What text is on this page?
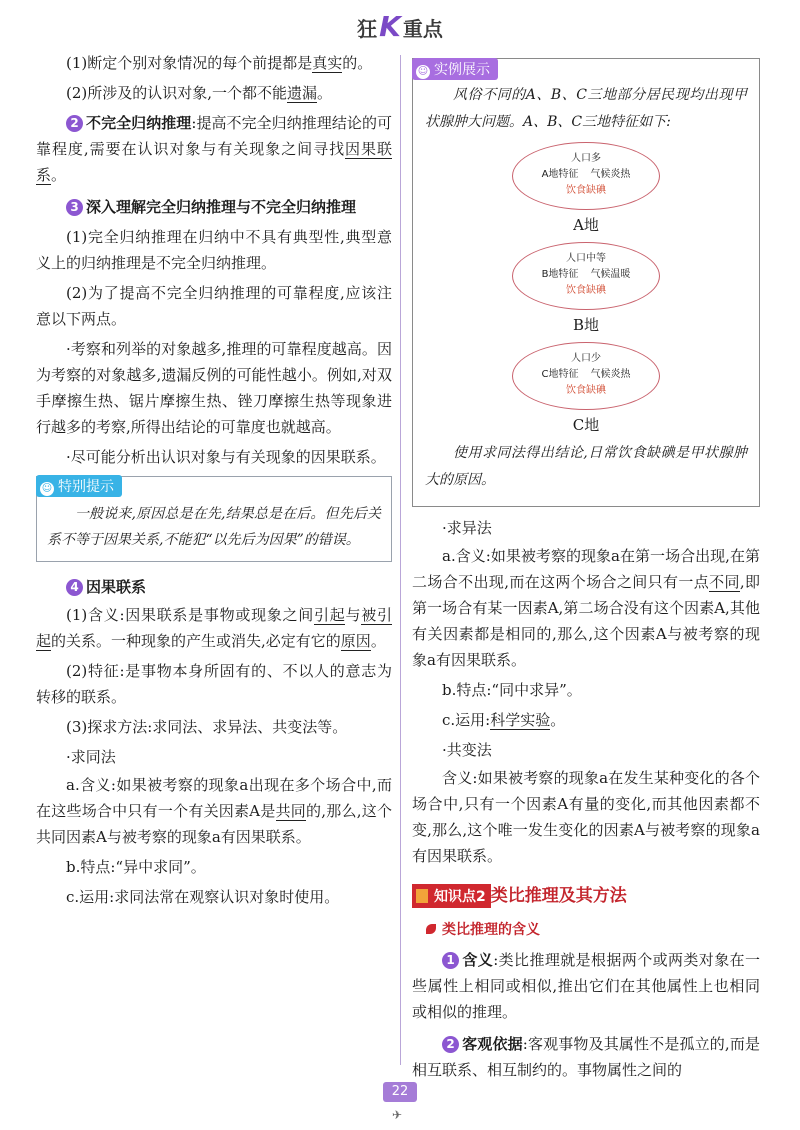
狂K 重点

(1)断定个别对象情况的每个前提都是真实的。

(2)所涉及的认识对象,一个都不能遗漏。

2 不完全归纳推理:提高不完全归纳推理结论的可靠程度,需要在认识对象与有关现象之间寻找因果联系。

3 深入理解完全归纳推理与不完全归纳推理

(1)完全归纳推理在归纳中不具有典型性,典型意义上的归纳推理是不完全归纳推理。

(2)为了提高不完全归纳推理的可靠程度,应该注意以下两点。

·考察和列举的对象越多,推理的可靠程度越高。因为考察的对象越多,遗漏反例的可能性越小。例如,对双手摩擦生热、锯片摩擦生热、锉刀摩擦生热等现象进行越多的考察,所得出结论的可靠度也就越高。

·尽可能分析出认识对象与有关现象的因果联系。

☺ 特别提示

一般说来,原因总是在先,结果总是在后。但先后关系不等于因果关系,不能犯“以先后为因果”的错误。

4 因果联系

(1)含义:因果联系是事物或现象之间引起与被引起的关系。一种现象的产生或消失,必定有它的原因。

(2)特征:是事物本身所固有的、不以人的意志为转移的联系。

(3)探求方法:求同法、求异法、共变法等。

·求同法

a.含义:如果被考察的现象a出现在多个场合中,而在这些场合中只有一个有关因素A是共同的,那么,这个共同因素A与被考察的现象a有因果联系。

b.特点:“异中求同”。

c.运用:求同法常在观察认识对象时使用。

☺ 实例展示

风俗不同的A、B、C三地部分居民现均出现甲状腺肿大问题。A、B、C三地特征如下:

人口多
A地特征 气候炎热
饮食缺碘
A地
人口中等
B地特征 气候温暖
饮食缺碘
B地
人口少
C地特征 气候炎热
饮食缺碘
C地

使用求同法得出结论,日常饮食缺碘是甲状腺肿大的原因。

·求异法

a.含义:如果被考察的现象a在第一场合出现,在第二场合不出现,而在这两个场合之间只有一点不同,即第一场合有某一因素A,第二场合没有这个因素A,其他有关因素都是相同的,那么,这个因素A与被考察的现象a有因果联系。

b.特点:“同中求异”。

c.运用:科学实验。

·共变法

含义:如果被考察的现象a在发生某种变化的各个场合中,只有一个因素A有量的变化,而其他因素都不变,那么,这个唯一发生变化的因素A与被考察的现象a有因果联系。

知识点2 类比推理及其方法
类比推理的含义

1 含义:类比推理就是根据两个或两类对象在一些属性上相同或相似,推出它们在其他属性上也相同或相似的推理。

2 客观依据:客观事物及其属性不是孤立的,而是相互联系、相互制约的。事物属性之间的

22
✈
